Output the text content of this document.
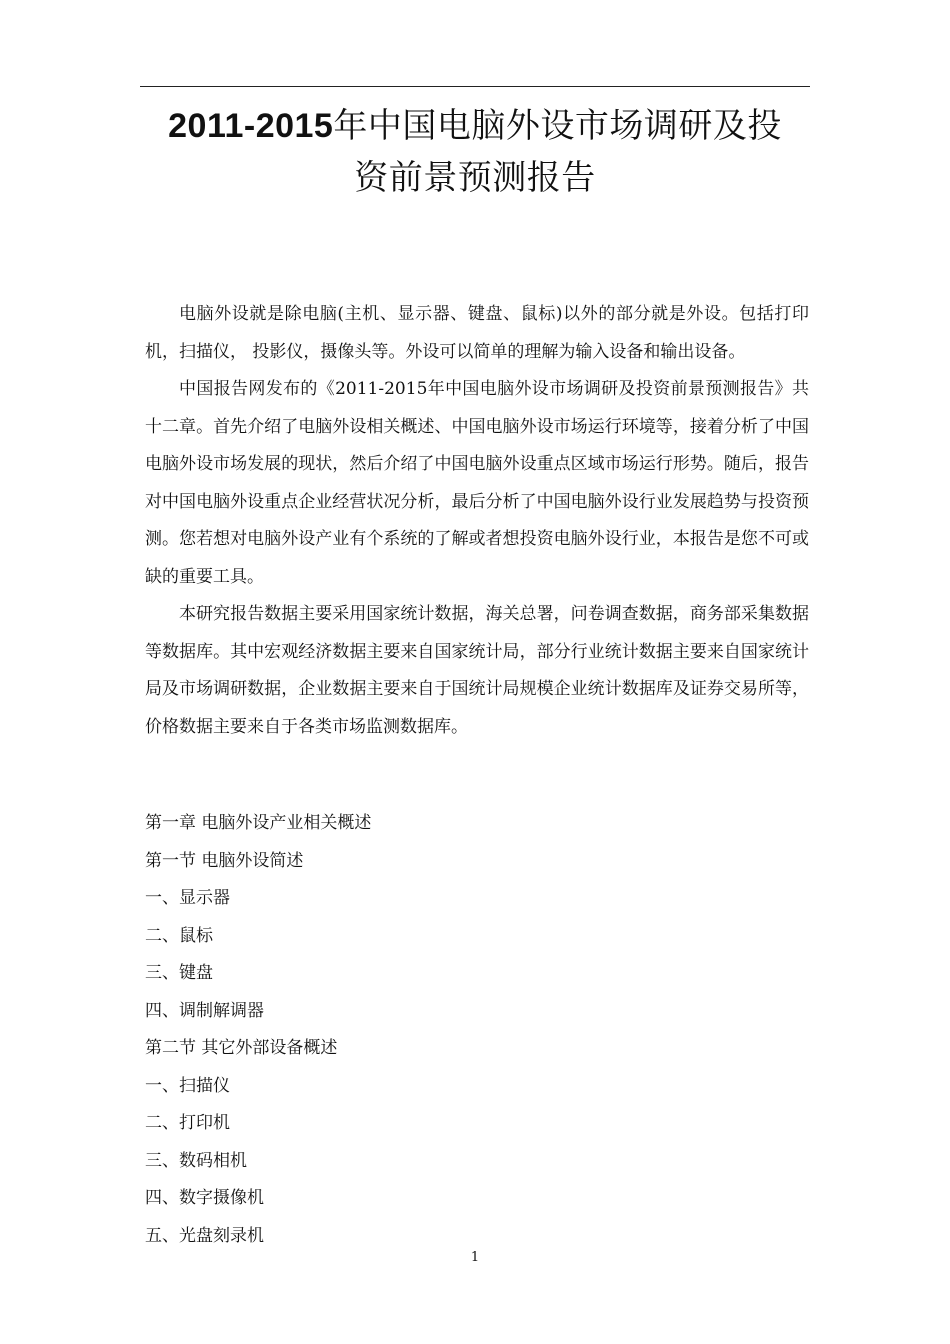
2011-2015年中国电脑外设市场调研及投
资前景预测报告

电脑外设就是除电脑(主机、显示器、键盘、鼠标)以外的部分就是外设。包括打印机，扫描仪， 投影仪，摄像头等。外设可以简单的理解为输入设备和输出设备。

中国报告网发布的《2011-2015年中国电脑外设市场调研及投资前景预测报告》共十二章。首先介绍了电脑外设相关概述、中国电脑外设市场运行环境等，接着分析了中国电脑外设市场发展的现状，然后介绍了中国电脑外设重点区域市场运行形势。随后，报告对中国电脑外设重点企业经营状况分析，最后分析了中国电脑外设行业发展趋势与投资预测。您若想对电脑外设产业有个系统的了解或者想投资电脑外设行业，本报告是您不可或缺的重要工具。

本研究报告数据主要采用国家统计数据，海关总署，问卷调查数据，商务部采集数据等数据库。其中宏观经济数据主要来自国家统计局，部分行业统计数据主要来自国家统计局及市场调研数据，企业数据主要来自于国统计局规模企业统计数据库及证券交易所等，价格数据主要来自于各类市场监测数据库。

第一章 电脑外设产业相关概述
第一节 电脑外设简述
一、显示器
二、鼠标
三、键盘
四、调制解调器
第二节 其它外部设备概述
一、扫描仪
二、打印机
三、数码相机
四、数字摄像机
五、光盘刻录机
1
